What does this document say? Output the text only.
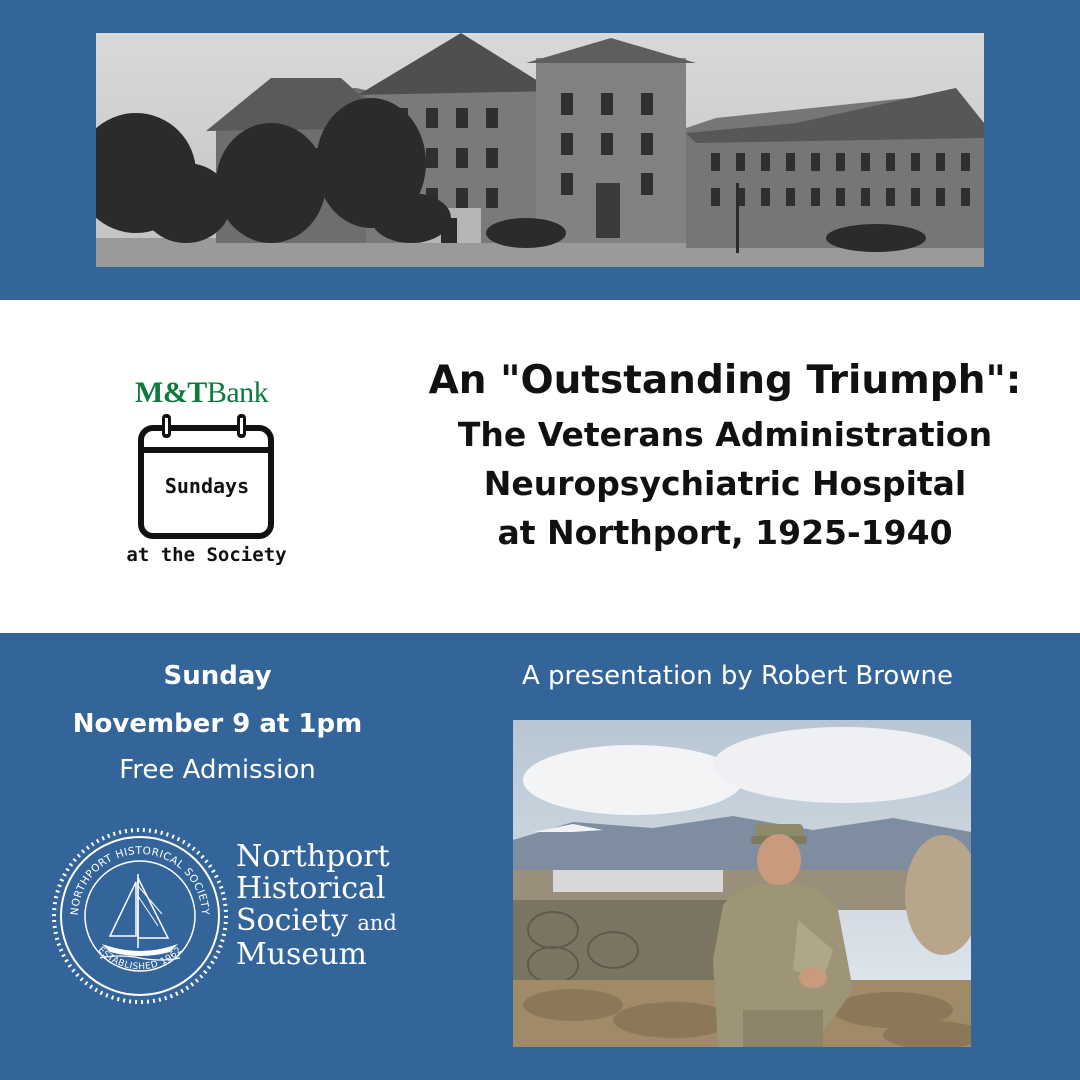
M&TBank
Sundays
at the Society
An "Outstanding Triumph":
The Veterans Administration
Neuropsychiatric Hospital
at Northport, 1925-1940
Sunday
November 9 at 1pm
Free Admission
NORTHPORT HISTORICAL SOCIETY
ESTABLISHED 1962
Northport
Historical
Society and
Museum
A presentation by Robert Browne
